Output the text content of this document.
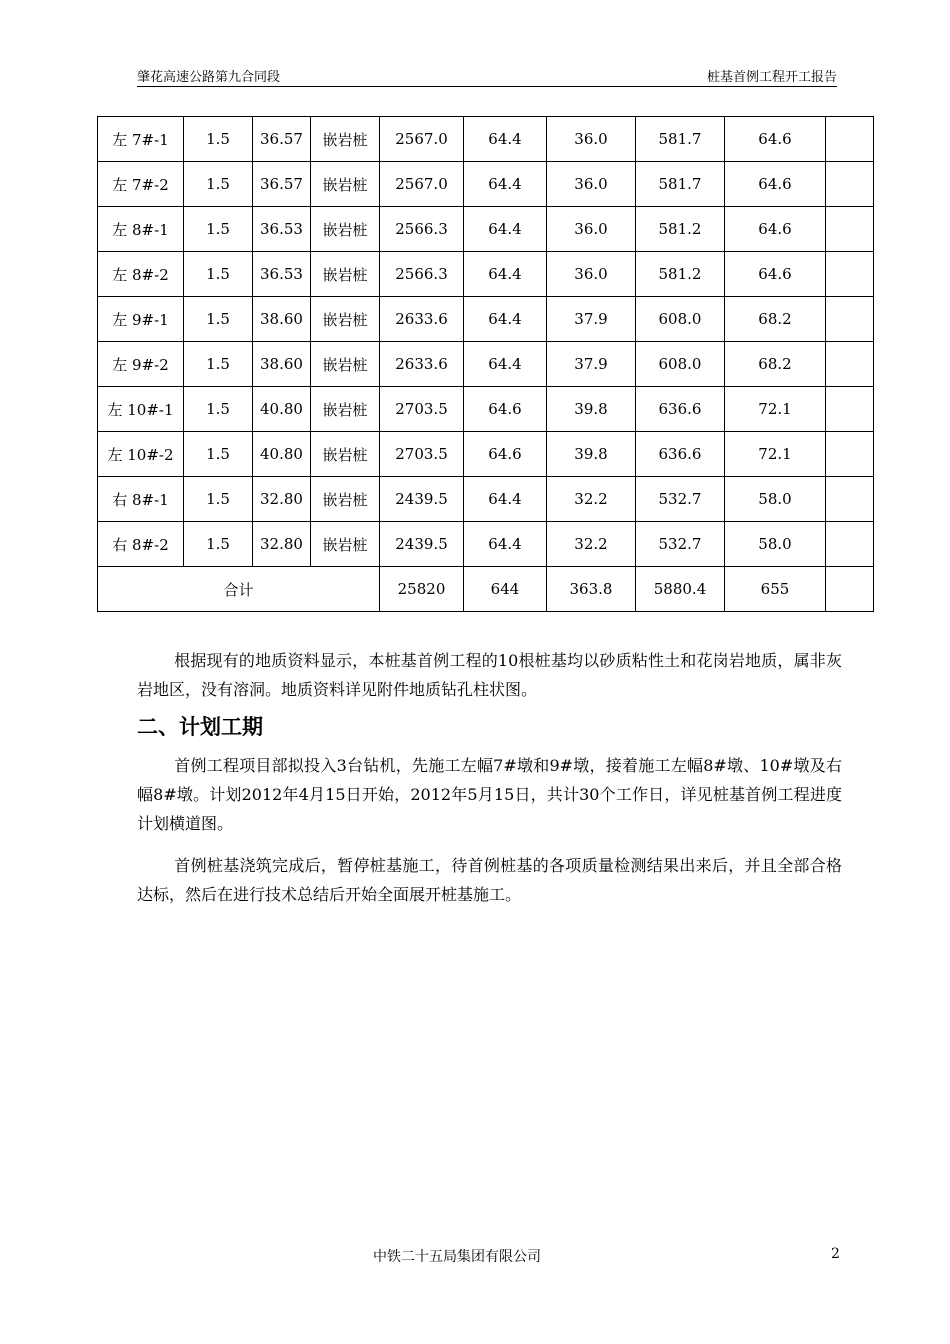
肇花高速公路第九合同段	桩基首例工程开工报告
左 7#-1	1.5	36.57	嵌岩桩	2567.0	64.4	36.0	581.7	64.6	
左 7#-2	1.5	36.57	嵌岩桩	2567.0	64.4	36.0	581.7	64.6	
左 8#-1	1.5	36.53	嵌岩桩	2566.3	64.4	36.0	581.2	64.6	
左 8#-2	1.5	36.53	嵌岩桩	2566.3	64.4	36.0	581.2	64.6	
左 9#-1	1.5	38.60	嵌岩桩	2633.6	64.4	37.9	608.0	68.2	
左 9#-2	1.5	38.60	嵌岩桩	2633.6	64.4	37.9	608.0	68.2	
左 10#-1	1.5	40.80	嵌岩桩	2703.5	64.6	39.8	636.6	72.1	
左 10#-2	1.5	40.80	嵌岩桩	2703.5	64.6	39.8	636.6	72.1	
右 8#-1	1.5	32.80	嵌岩桩	2439.5	64.4	32.2	532.7	58.0	
右 8#-2	1.5	32.80	嵌岩桩	2439.5	64.4	32.2	532.7	58.0	
合计				25820	644	363.8	5880.4	655	
根据现有的地质资料显示，本桩基首例工程的10根桩基均以砂质粘性土和花岗岩地质，属非灰岩地区，没有溶洞。地质资料详见附件地质钻孔柱状图。
二、计划工期
首例工程项目部拟投入3台钻机，先施工左幅7#墩和9#墩，接着施工左幅8#墩、10#墩及右幅8#墩。计划2012年4月15日开始，2012年5月15日，共计30个工作日，详见桩基首例工程进度计划横道图。
首例桩基浇筑完成后，暂停桩基施工，待首例桩基的各项质量检测结果出来后，并且全部合格达标，然后在进行技术总结后开始全面展开桩基施工。
中铁二十五局集团有限公司	2
